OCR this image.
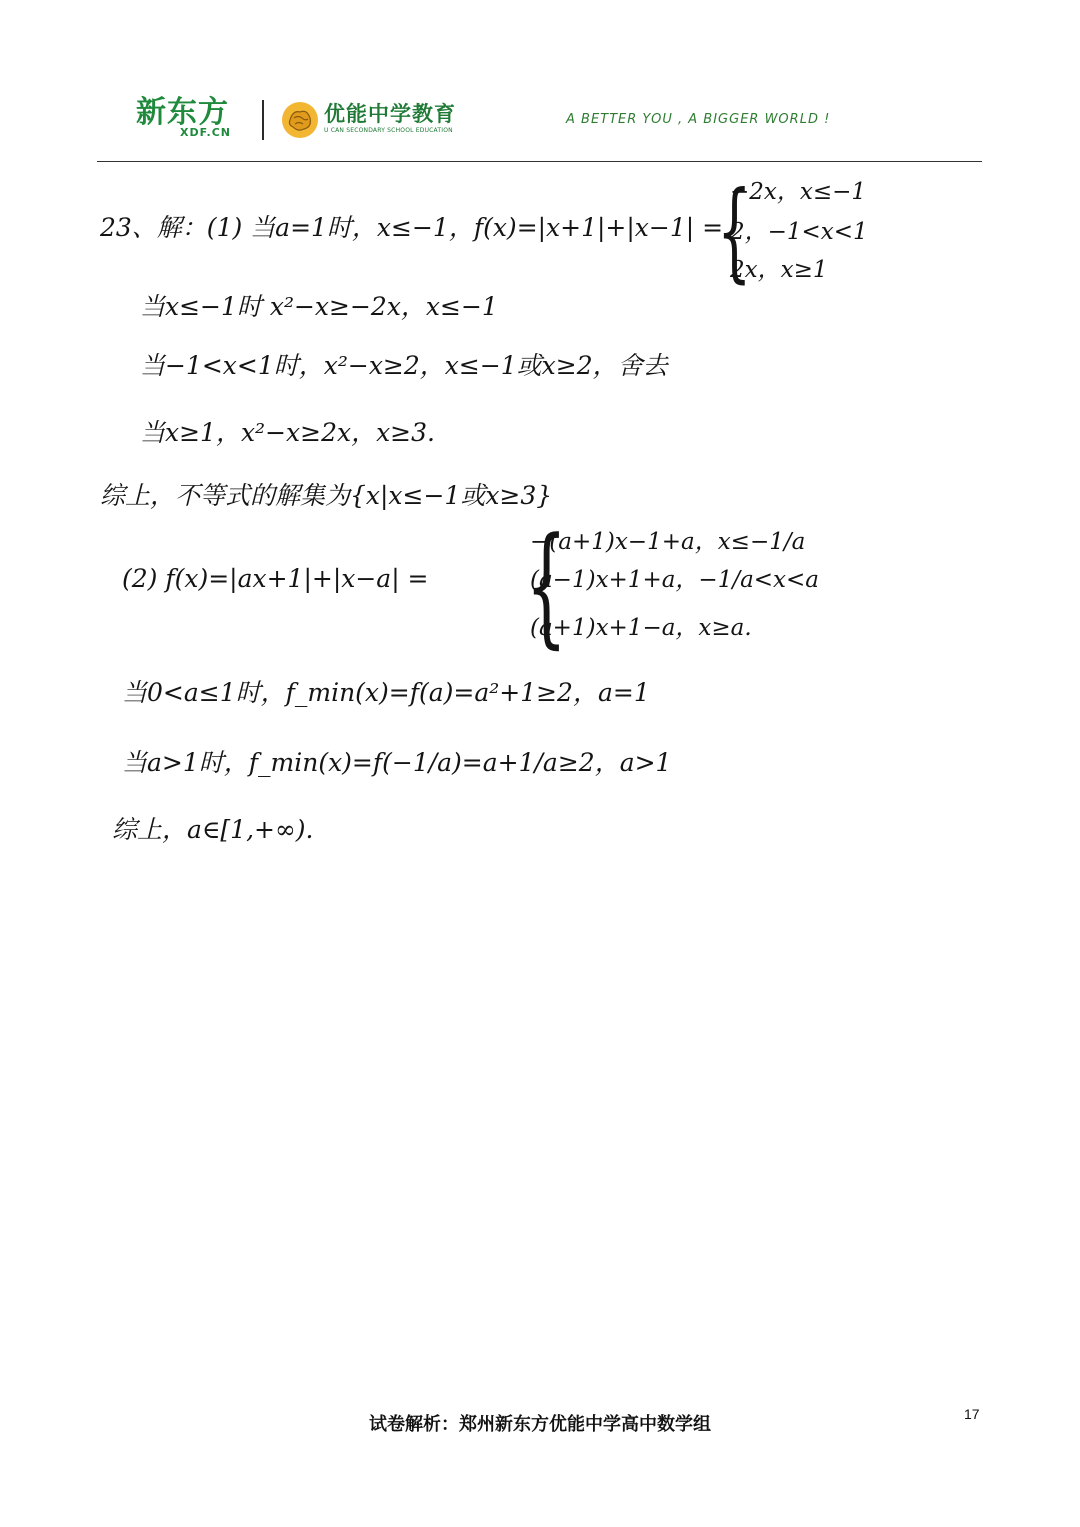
新东方
XDF.CN
优能中学教育
U CAN SECONDARY SCHOOL EDUCATION
A BETTER YOU , A BIGGER WORLD !
23、解：(1) 当a=1时，x≤−1，f(x)=|x+1|+|x−1| =
{
−2x，x≤−1
2，−1<x<1
2x，x≥1
当x≤−1时 x²−x≥−2x，x≤−1
当−1<x<1时，x²−x≥2，x≤−1或x≥2，舍去
当x≥1，x²−x≥2x，x≥3.
综上，不等式的解集为{x|x≤−1或x≥3}
(2) f(x)=|ax+1|+|x−a| = {
−(a+1)x−1+a，x≤−1/a
(a−1)x+1+a，−1/a<x<a
(a+1)x+1−a，x≥a.
当0<a≤1时，f_min(x)=f(a)=a²+1≥2，a=1
当a>1时，f_min(x)=f(−1/a)=a+1/a≥2，a>1
综上，a∈[1,+∞).
试卷解析：郑州新东方优能中学高中数学组	17
